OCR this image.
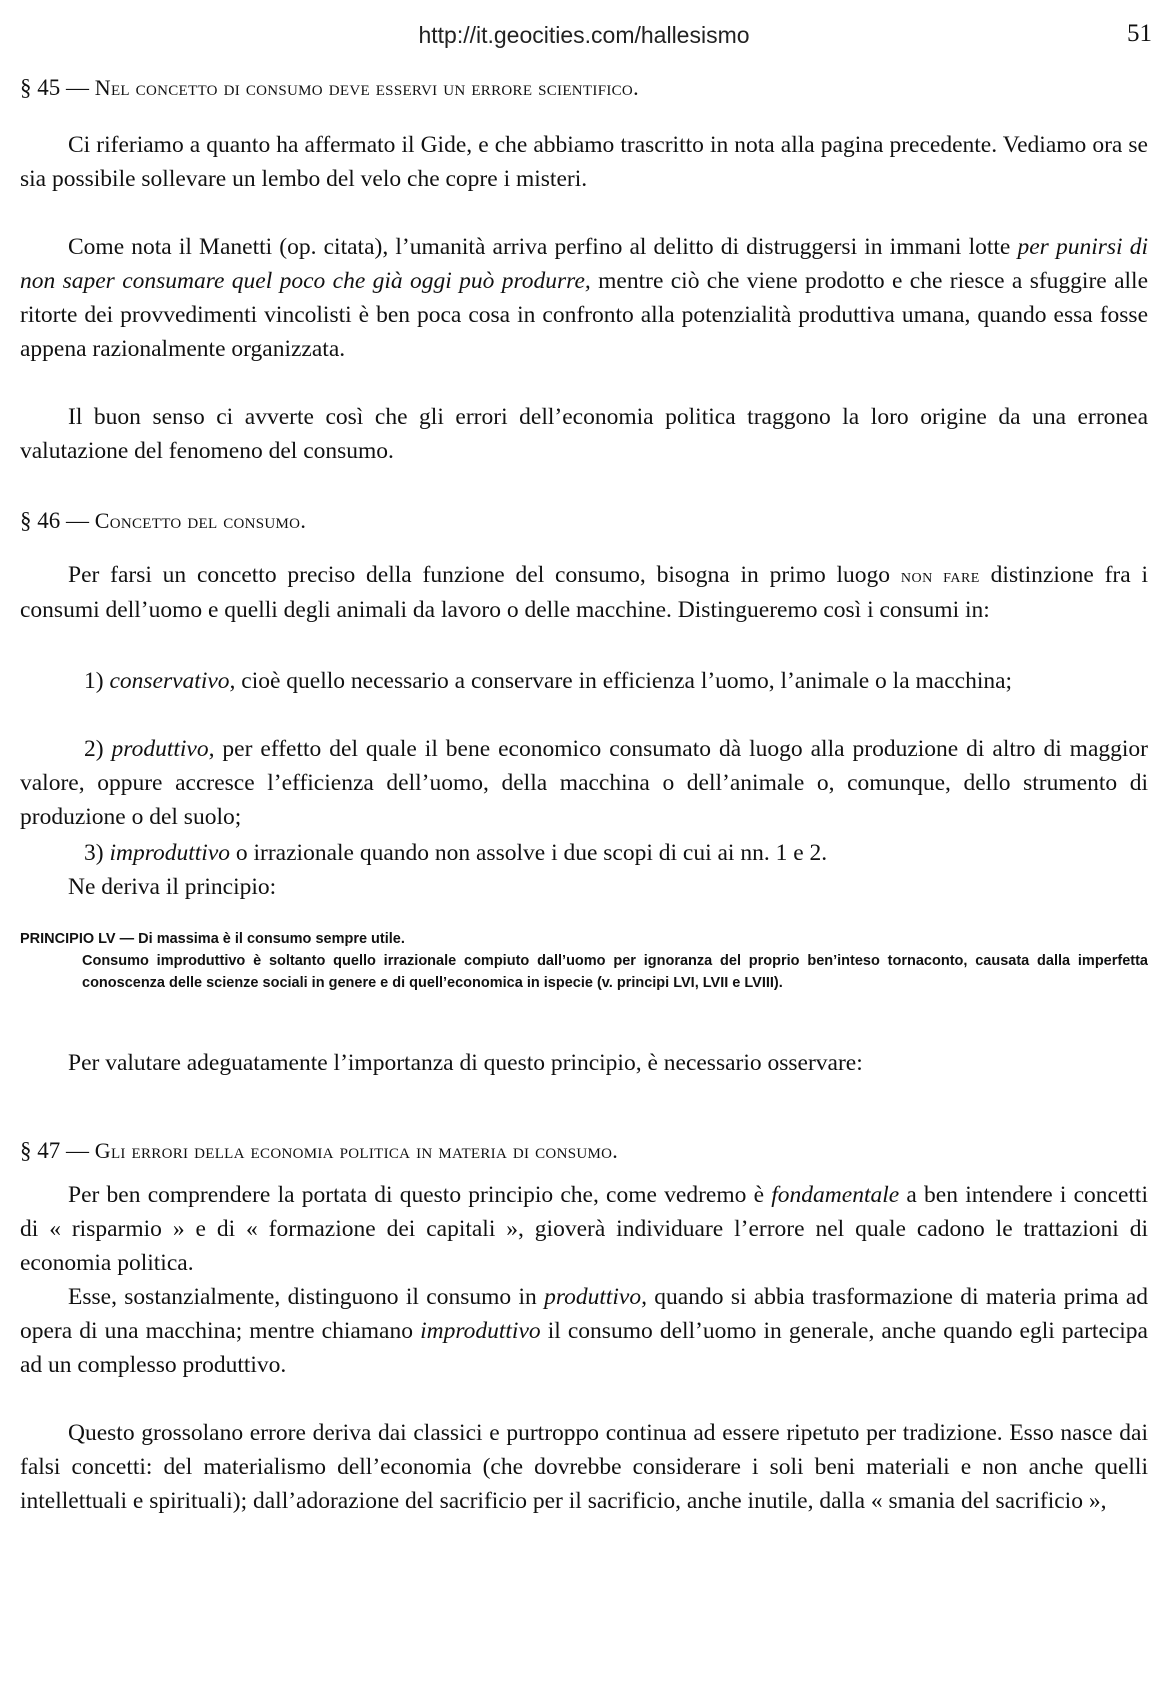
http://it.geocities.com/hallesismo	51
§ 45 — Nel concetto di consumo deve esservi un errore scientifico.
Ci riferiamo a quanto ha affermato il Gide, e che abbiamo trascritto in nota alla pagina precedente. Vediamo ora se sia possibile sollevare un lembo del velo che copre i misteri.
Come nota il Manetti (op. citata), l’umanità arriva perfino al delitto di distruggersi in immani lotte per punirsi di non saper consumare quel poco che già oggi può produrre, mentre ciò che viene prodotto e che riesce a sfuggire alle ritorte dei provvedimenti vincolisti è ben poca cosa in confronto alla potenzialità produttiva umana, quando essa fosse appena razionalmente organizzata.
Il buon senso ci avverte così che gli errori dell’economia politica traggono la loro origine da una erronea valutazione del fenomeno del consumo.
§ 46 — Concetto del consumo.
Per farsi un concetto preciso della funzione del consumo, bisogna in primo luogo non fare distinzione fra i consumi dell’uomo e quelli degli animali da lavoro o delle macchine. Distingueremo così i consumi in:
1) conservativo, cioè quello necessario a conservare in efficienza l’uomo, l’animale o la macchina;
2) produttivo, per effetto del quale il bene economico consumato dà luogo alla produzione di altro di maggior valore, oppure accresce l’efficienza dell’uomo, della macchina o dell’animale o, comunque, dello strumento di produzione o del suolo;
3) improduttivo o irrazionale quando non assolve i due scopi di cui ai nn. 1 e 2.
Ne deriva il principio:
PRINCIPIO LV — Di massima è il consumo sempre utile.
Consumo improduttivo è soltanto quello irrazionale compiuto dall’uomo per ignoranza del proprio ben’inteso tornaconto, causata dalla imperfetta conoscenza delle scienze sociali in genere e di quell’economica in ispecie (v. principi LVI, LVII e LVIII).
Per valutare adeguatamente l’importanza di questo principio, è necessario osservare:
§ 47 — Gli errori della economia politica in materia di consumo.
Per ben comprendere la portata di questo principio che, come vedremo è fondamentale a ben intendere i concetti di « risparmio » e di « formazione dei capitali », gioverà individuare l’errore nel quale cadono le trattazioni di economia politica.
Esse, sostanzialmente, distinguono il consumo in produttivo, quando si abbia trasformazione di materia prima ad opera di una macchina; mentre chiamano improduttivo il consumo dell’uomo in generale, anche quando egli partecipa ad un complesso produttivo.
Questo grossolano errore deriva dai classici e purtroppo continua ad essere ripetuto per tradizione. Esso nasce dai falsi concetti: del materialismo dell’economia (che dovrebbe considerare i soli beni materiali e non anche quelli intellettuali e spirituali); dall’adorazione del sacrificio per il sacrificio, anche inutile, dalla « smania del sacrificio »,
